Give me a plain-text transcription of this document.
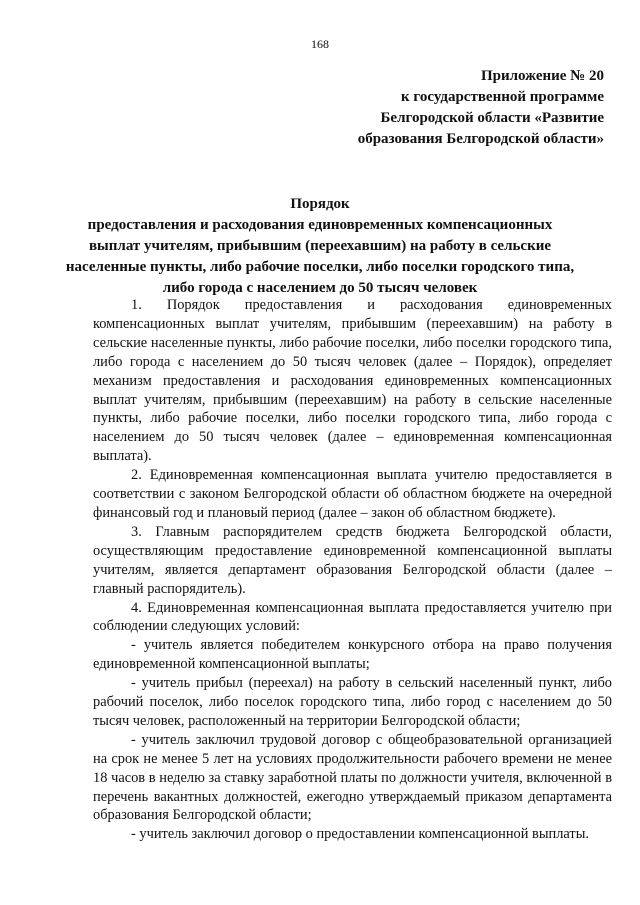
168
Приложение № 20
к государственной программе
Белгородской области «Развитие
образования Белгородской области»
Порядок
предоставления и расходования единовременных компенсационных
выплат учителям, прибывшим (переехавшим) на работу в сельские
населенные пункты, либо рабочие поселки, либо поселки городского типа,
либо города с населением до 50 тысяч человек

1. Порядок предоставления и расходования единовременных компенсационных выплат учителям, прибывшим (переехавшим) на работу в сельские населенные пункты, либо рабочие поселки, либо поселки городского типа, либо города с населением до 50 тысяч человек (далее – Порядок), определяет механизм предоставления и расходования единовременных компенсационных выплат учителям, прибывшим (переехавшим) на работу в сельские населенные пункты, либо рабочие поселки, либо поселки городского типа, либо города с населением до 50 тысяч человек (далее – единовременная компенсационная выплата).

2. Единовременная компенсационная выплата учителю предоставляется в соответствии с законом Белгородской области об областном бюджете на очередной финансовый год и плановый период (далее – закон об областном бюджете).

3. Главным распорядителем средств бюджета Белгородской области, осуществляющим предоставление единовременной компенсационной выплаты учителям, является департамент образования Белгородской области (далее – главный распорядитель).

4. Единовременная компенсационная выплата предоставляется учителю при соблюдении следующих условий:

- учитель является победителем конкурсного отбора на право получения единовременной компенсационной выплаты;

- учитель прибыл (переехал) на работу в сельский населенный пункт, либо рабочий поселок, либо поселок городского типа, либо город с населением до 50 тысяч человек, расположенный на территории Белгородской области;

- учитель заключил трудовой договор с общеобразовательной организацией на срок не менее 5 лет на условиях продолжительности рабочего времени не менее 18 часов в неделю за ставку заработной платы по должности учителя, включенной в перечень вакантных должностей, ежегодно утверждаемый приказом департамента образования Белгородской области;

- учитель заключил договор о предоставлении компенсационной выплаты.
